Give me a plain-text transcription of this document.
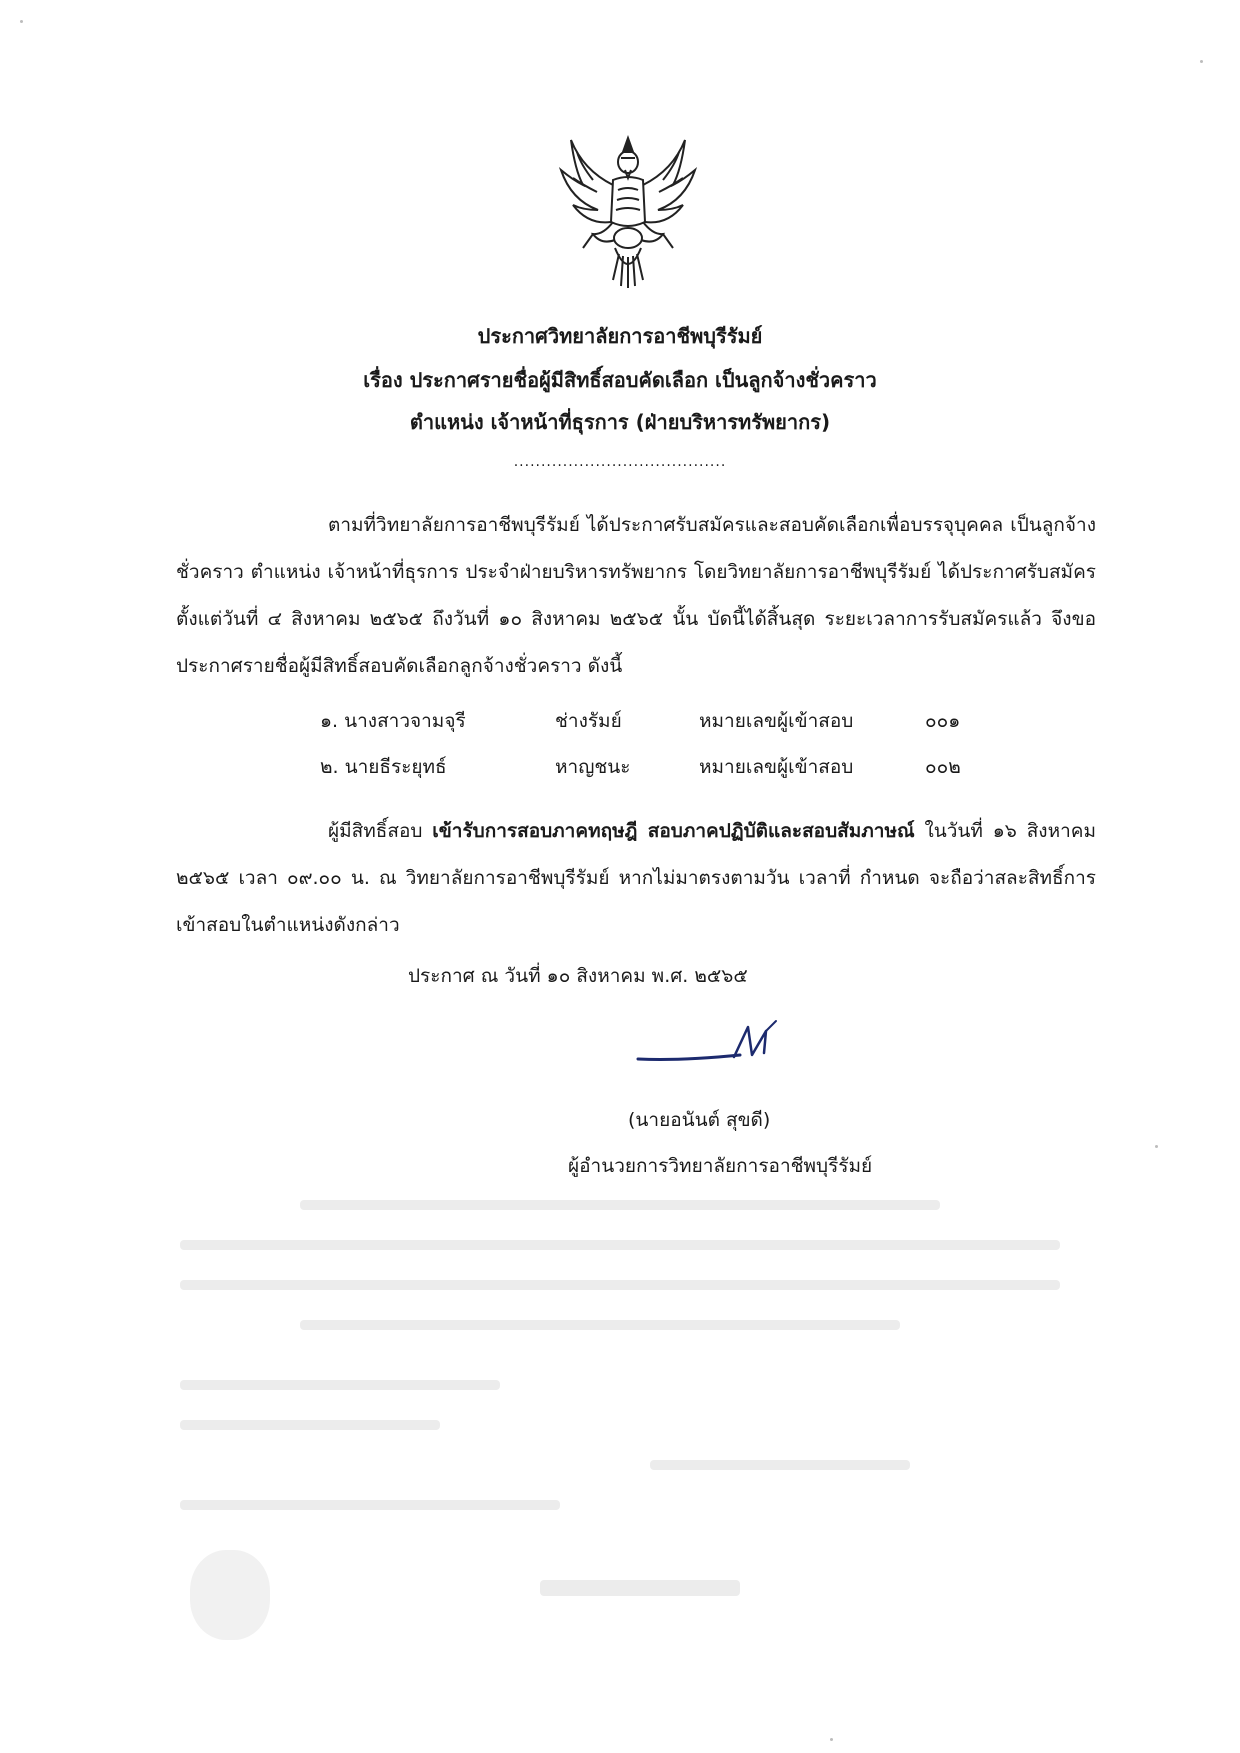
ประกาศวิทยาลัยการอาชีพบุรีรัมย์
เรื่อง ประกาศรายชื่อผู้มีสิทธิ์สอบคัดเลือก เป็นลูกจ้างชั่วคราว
ตำแหน่ง เจ้าหน้าที่ธุรการ (ฝ่ายบริหารทรัพยากร)
.......................................
ตามที่วิทยาลัยการอาชีพบุรีรัมย์ ได้ประกาศรับสมัครและสอบคัดเลือกเพื่อบรรจุบุคคล เป็นลูกจ้างชั่วคราว ตำแหน่ง เจ้าหน้าที่ธุรการ ประจำฝ่ายบริหารทรัพยากร โดยวิทยาลัยการอาชีพบุรีรัมย์ ได้ประกาศรับสมัครตั้งแต่วันที่ ๔ สิงหาคม ๒๕๖๕ ถึงวันที่ ๑๐ สิงหาคม ๒๕๖๕ นั้น บัดนี้ได้สิ้นสุด ระยะเวลาการรับสมัครแล้ว จึงขอประกาศรายชื่อผู้มีสิทธิ์สอบคัดเลือกลูกจ้างชั่วคราว ดังนี้
๑. นางสาวจามจุรี	ช่างรัมย์	หมายเลขผู้เข้าสอบ	๐๐๑
๒. นายธีระยุทธ์	หาญชนะ	หมายเลขผู้เข้าสอบ	๐๐๒
ผู้มีสิทธิ์สอบ เข้ารับการสอบภาคทฤษฎี สอบภาคปฏิบัติและสอบสัมภาษณ์ ในวันที่ ๑๖ สิงหาคม ๒๕๖๕ เวลา ๐๙.๐๐ น. ณ วิทยาลัยการอาชีพบุรีรัมย์ หากไม่มาตรงตามวัน เวลาที่ กำหนด จะถือว่าสละสิทธิ์การเข้าสอบในตำแหน่งดังกล่าว
ประกาศ ณ วันที่ ๑๐ สิงหาคม พ.ศ. ๒๕๖๕
(นายอนันต์ สุขดี)
ผู้อำนวยการวิทยาลัยการอาชีพบุรีรัมย์
